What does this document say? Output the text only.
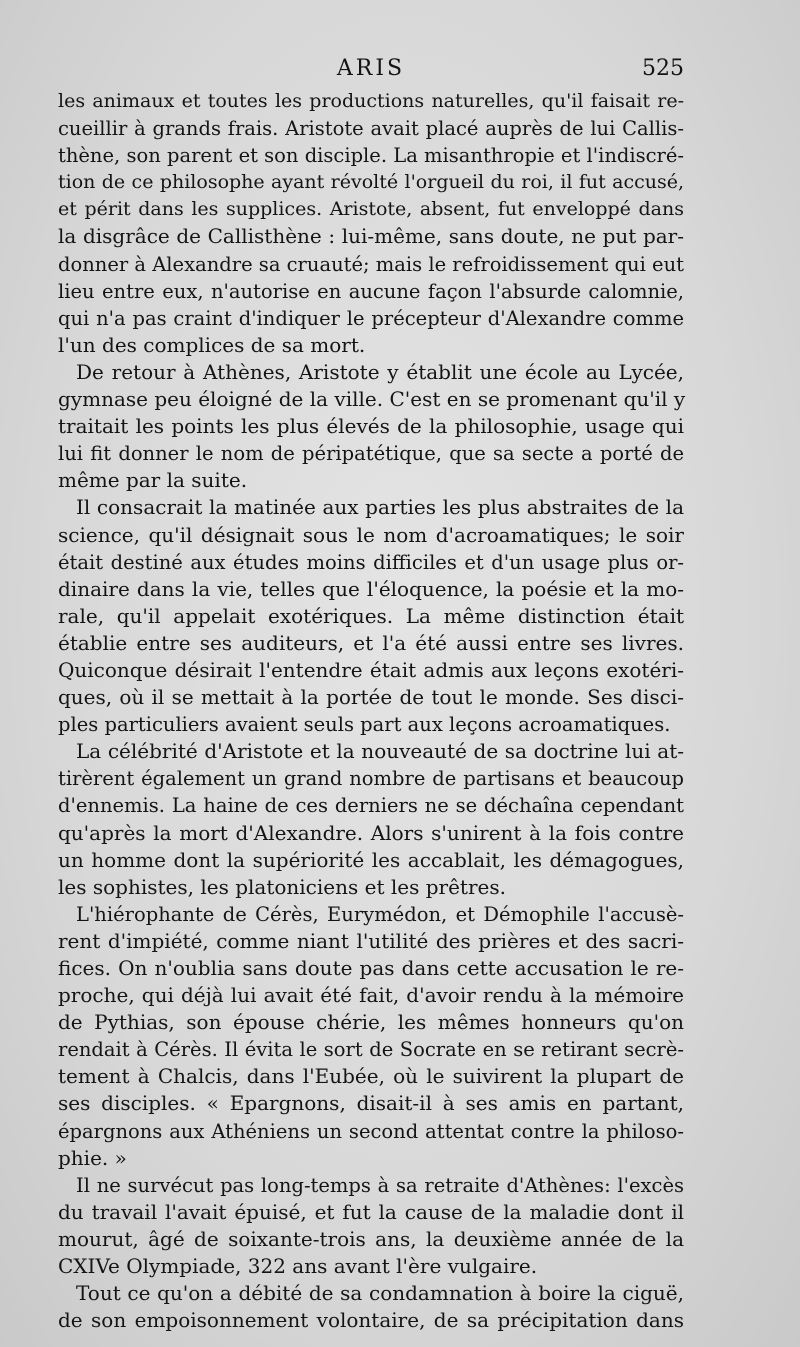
ARIS	525
les animaux et toutes les productions naturelles, qu'il faisait re-
cueillir à grands frais. Aristote avait placé auprès de lui Callis-
thène, son parent et son disciple. La misanthropie et l'indiscré-
tion de ce philosophe ayant révolté l'orgueil du roi, il fut accusé,
et périt dans les supplices. Aristote, absent, fut enveloppé dans
la disgrâce de Callisthène : lui-même, sans doute, ne put par-
donner à Alexandre sa cruauté; mais le refroidissement qui eut
lieu entre eux, n'autorise en aucune façon l'absurde calomnie,
qui n'a pas craint d'indiquer le précepteur d'Alexandre comme
l'un des complices de sa mort.
De retour à Athènes, Aristote y établit une école au Lycée,
gymnase peu éloigné de la ville. C'est en se promenant qu'il y
traitait les points les plus élevés de la philosophie, usage qui
lui fit donner le nom de péripatétique, que sa secte a porté de
même par la suite.
Il consacrait la matinée aux parties les plus abstraites de la
science, qu'il désignait sous le nom d'acroamatiques; le soir
était destiné aux études moins difficiles et d'un usage plus or-
dinaire dans la vie, telles que l'éloquence, la poésie et la mo-
rale, qu'il appelait exotériques. La même distinction était
établie entre ses auditeurs, et l'a été aussi entre ses livres.
Quiconque désirait l'entendre était admis aux leçons exotéri-
ques, où il se mettait à la portée de tout le monde. Ses disci-
ples particuliers avaient seuls part aux leçons acroamatiques.
La célébrité d'Aristote et la nouveauté de sa doctrine lui at-
tirèrent également un grand nombre de partisans et beaucoup
d'ennemis. La haine de ces derniers ne se déchaîna cependant
qu'après la mort d'Alexandre. Alors s'unirent à la fois contre
un homme dont la supériorité les accablait, les démagogues,
les sophistes, les platoniciens et les prêtres.
L'hiérophante de Cérès, Eurymédon, et Démophile l'accusè-
rent d'impiété, comme niant l'utilité des prières et des sacri-
fices. On n'oublia sans doute pas dans cette accusation le re-
proche, qui déjà lui avait été fait, d'avoir rendu à la mémoire
de Pythias, son épouse chérie, les mêmes honneurs qu'on
rendait à Cérès. Il évita le sort de Socrate en se retirant secrè-
tement à Chalcis, dans l'Eubée, où le suivirent la plupart de
ses disciples. « Epargnons, disait-il à ses amis en partant,
épargnons aux Athéniens un second attentat contre la philoso-
phie. »
Il ne survécut pas long-temps à sa retraite d'Athènes: l'excès
du travail l'avait épuisé, et fut la cause de la maladie dont il
mourut, âgé de soixante-trois ans, la deuxième année de la
CXIVe Olympiade, 322 ans avant l'ère vulgaire.
Tout ce qu'on a débité de sa condamnation à boire la ciguë,
de son empoisonnement volontaire, de sa précipitation dans
